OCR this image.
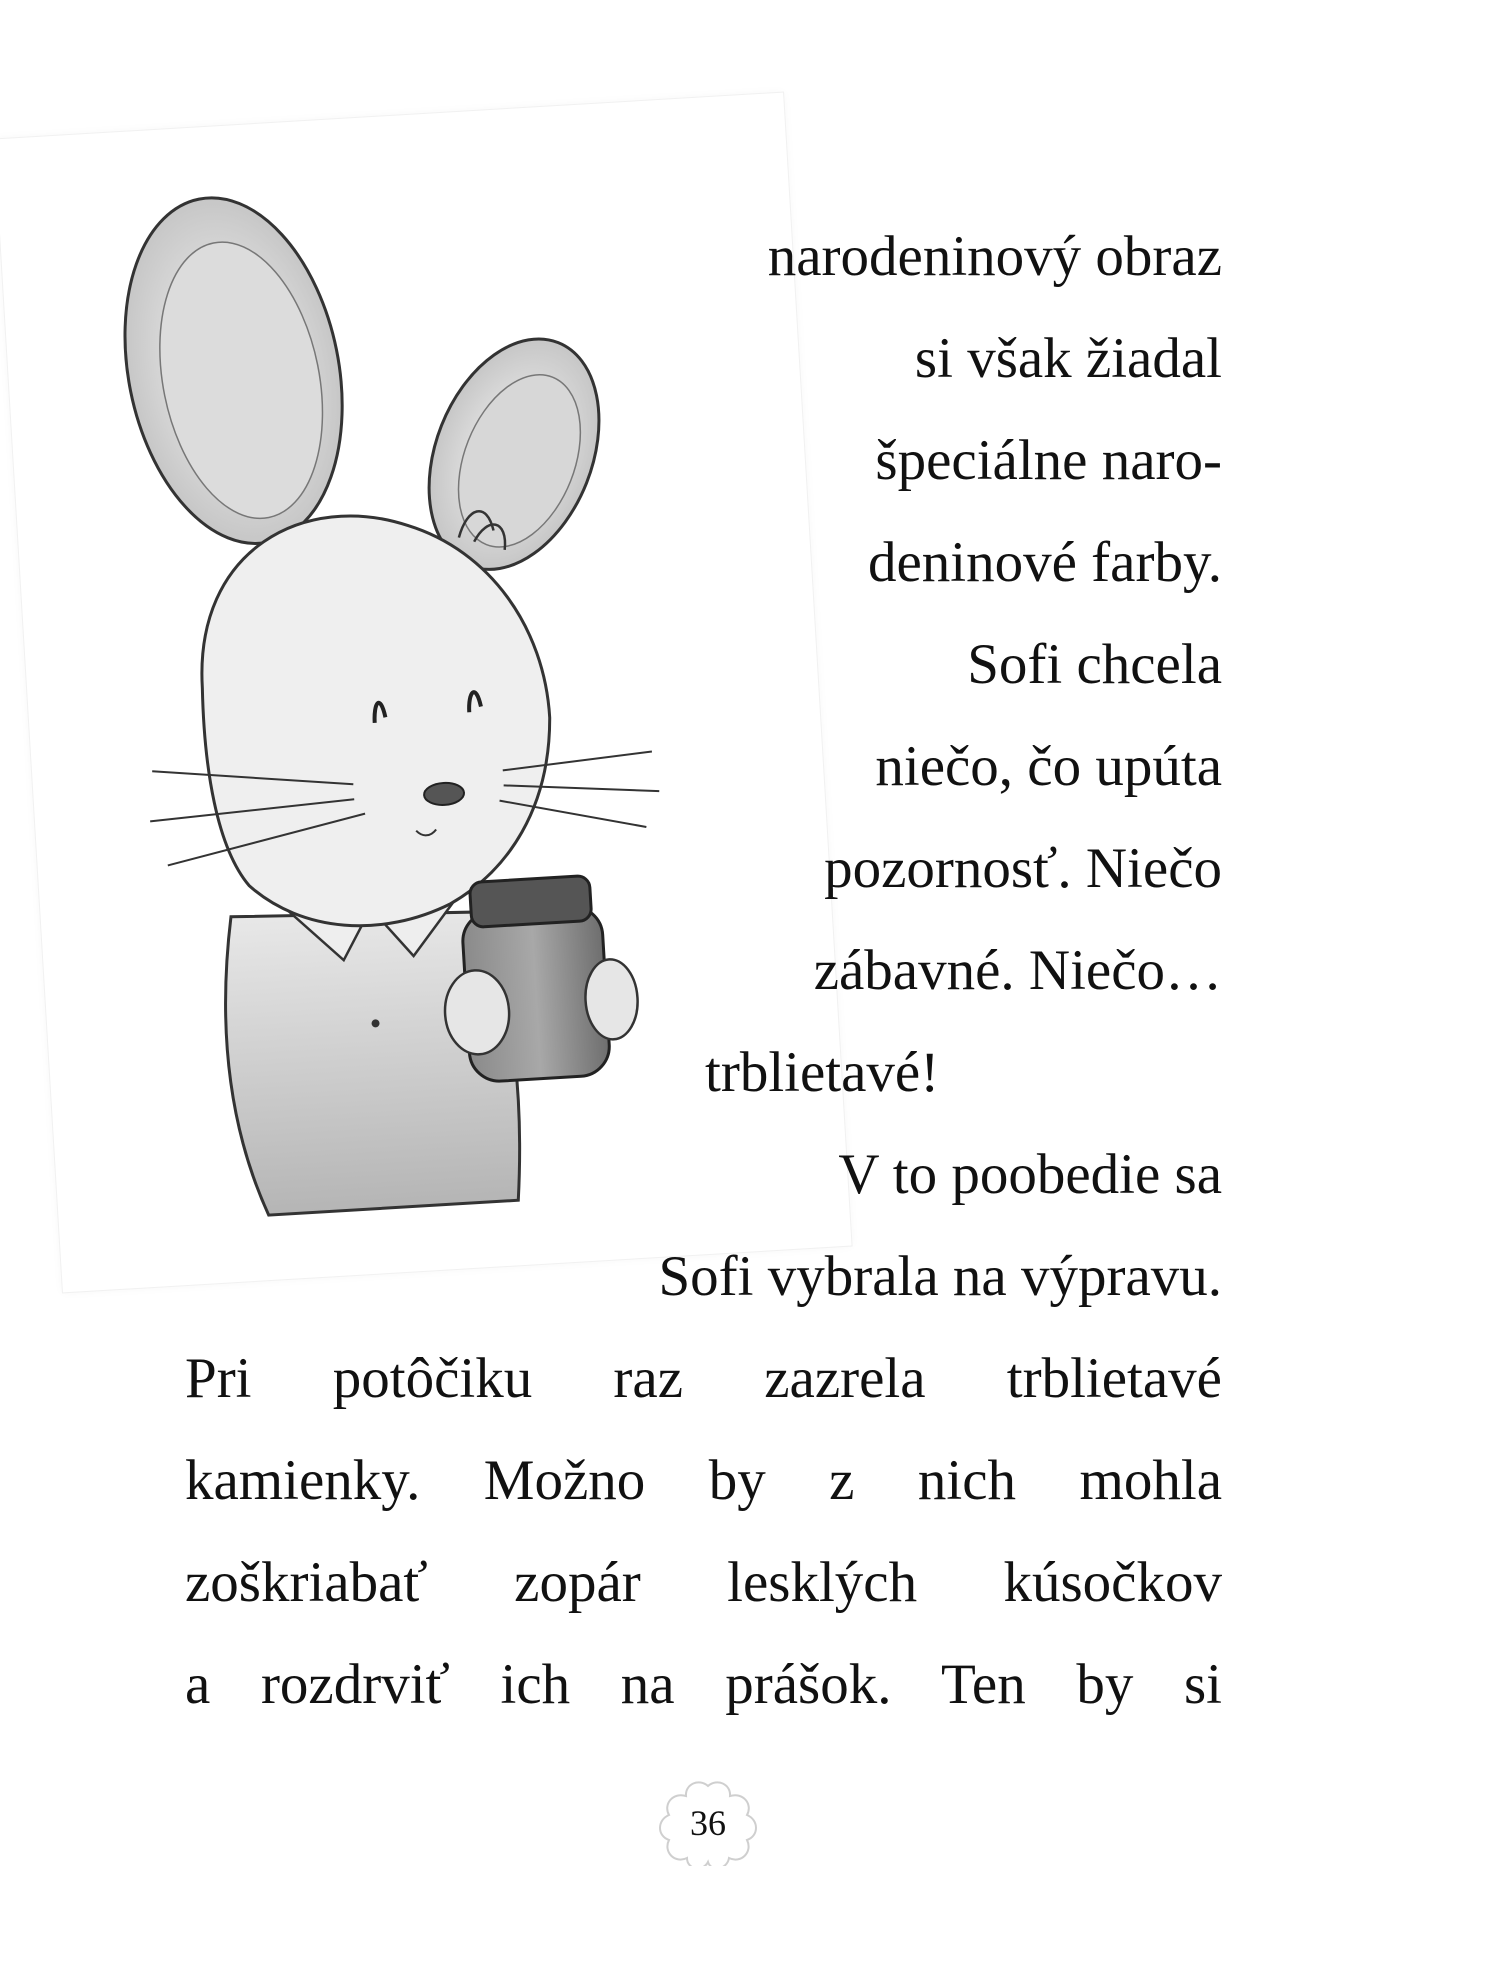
narodeninový obraz

si však žiadal

špeciálne naro-

deninové farby.

Sofi chcela

niečo, čo upúta

pozornosť. Niečo

zábavné. Niečo…

trblietavé!

V to poobedie sa

Sofi vybrala na výpravu.

Pri potôčiku raz zazrela trblietavé

kamienky. Možno by z nich mohla

zoškriabať zopár lesklých kúsočkov

a rozdrviť ich na prášok. Ten by si

36
